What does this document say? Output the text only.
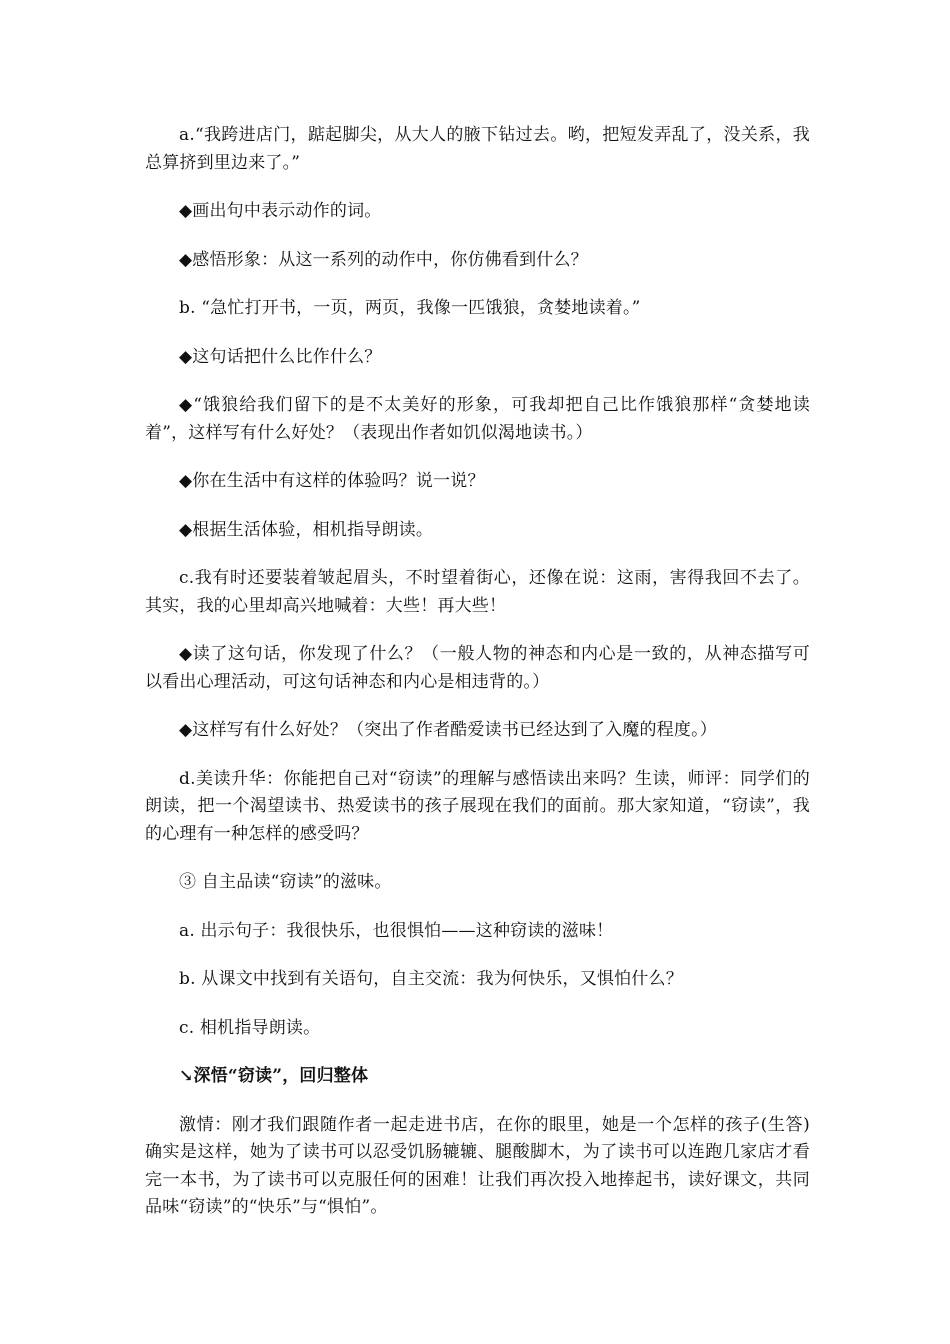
a.“我跨进店门，踮起脚尖，从大人的腋下钻过去。哟，把短发弄乱了，没关系，我总算挤到里边来了。”

◆画出句中表示动作的词。

◆感悟形象：从这一系列的动作中，你仿佛看到什么？

b. “急忙打开书，一页，两页，我像一匹饿狼，贪婪地读着。”

◆这句话把什么比作什么？

◆“饿狼给我们留下的是不太美好的形象，可我却把自己比作饿狼那样“贪婪地读着”，这样写有什么好处？（表现出作者如饥似渴地读书。）

◆你在生活中有这样的体验吗？说一说？

◆根据生活体验，相机指导朗读。

c.我有时还要装着皱起眉头，不时望着街心，还像在说：这雨，害得我回不去了。其实，我的心里却高兴地喊着：大些！再大些！

◆读了这句话，你发现了什么？（一般人物的神态和内心是一致的，从神态描写可以看出心理活动，可这句话神态和内心是相违背的。）

◆这样写有什么好处？（突出了作者酷爱读书已经达到了入魔的程度。）

d.美读升华：你能把自己对“窃读”的理解与感悟读出来吗？生读，师评：同学们的朗读，把一个渴望读书、热爱读书的孩子展现在我们的面前。那大家知道，“窃读”，我的心理有一种怎样的感受吗？

③ 自主品读“窃读”的滋味。

a. 出示句子：我很快乐，也很惧怕——这种窃读的滋味！

b. 从课文中找到有关语句，自主交流：我为何快乐，又惧怕什么？

c. 相机指导朗读。

↘深悟“窃读”，回归整体

激情：刚才我们跟随作者一起走进书店，在你的眼里，她是一个怎样的孩子(生答)确实是这样，她为了读书可以忍受饥肠辘辘、腿酸脚木，为了读书可以连跑几家店才看完一本书，为了读书可以克服任何的困难！让我们再次投入地捧起书，读好课文，共同品味“窃读”的“快乐”与“惧怕”。
